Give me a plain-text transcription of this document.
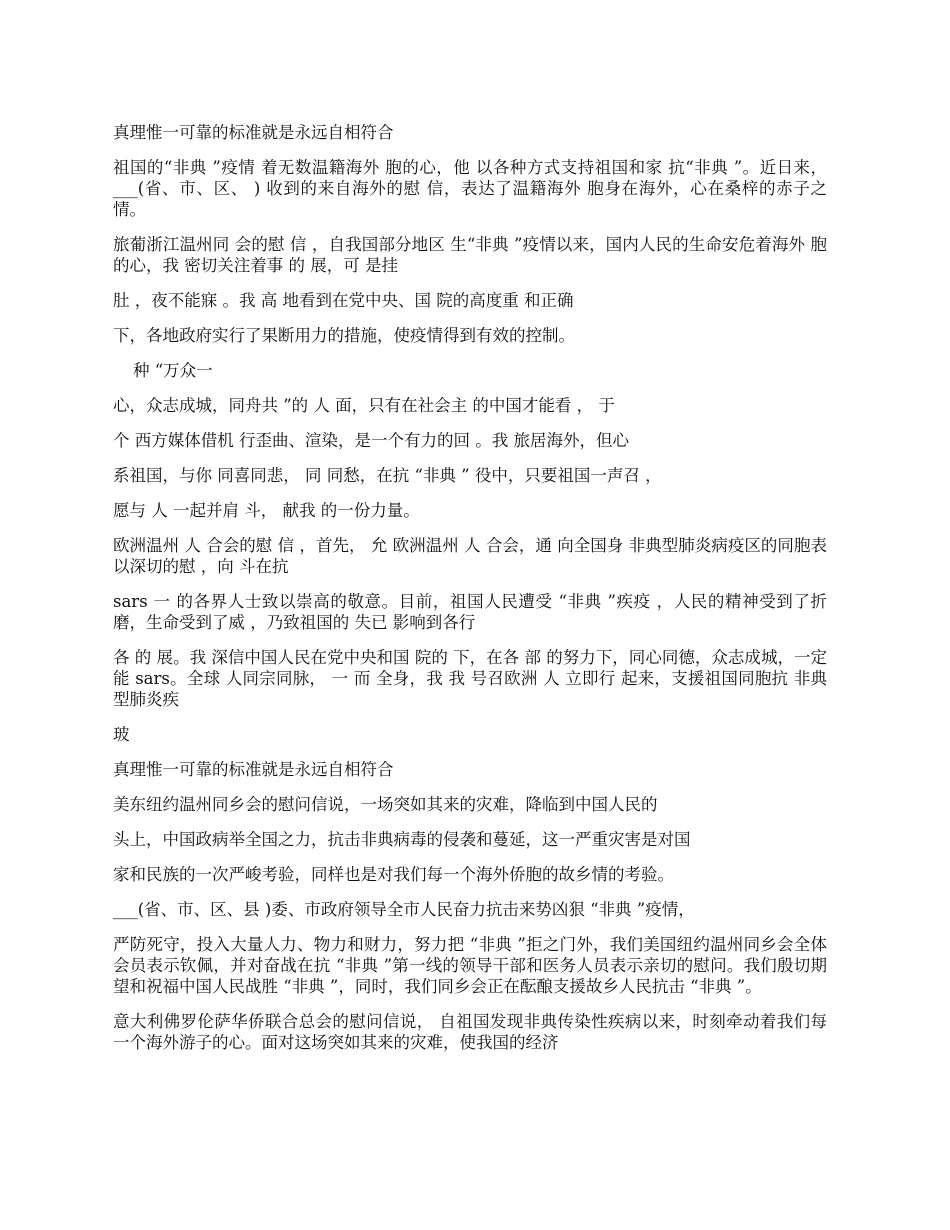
真理惟一可靠的标准就是永远自相符合

祖国的“非典 ”疫情 着无数温籍海外 胞的心，他 以各种方式支持祖国和家 抗“非典 ”。近日来， ___(省、市、区、 ) 收到的来自海外的慰 信，表达了温籍海外 胞身在海外，心在桑梓的赤子之情。

旅葡浙江温州同 会的慰 信 ，自我国部分地区 生“非典 ”疫情以来，国内人民的生命安危着海外 胞的心，我 密切关注着事 的 展，可 是挂

肚 ，夜不能寐 。我 高 地看到在党中央、国 院的高度重 和正确

下，各地政府实行了果断用力的措施，使疫情得到有效的控制。

种 “万众一

心，众志成城，同舟共 ”的 人 面，只有在社会主 的中国才能看 ， 于

个 西方媒体借机 行歪曲、渲染，是一个有力的回 。我 旅居海外，但心

系祖国，与你 同喜同悲， 同 同愁，在抗 “非典 ” 役中，只要祖国一声召 ，

愿与 人 一起并肩 斗， 献我 的一份力量。

欧洲温州 人 合会的慰 信 ，首先， 允 欧洲温州 人 合会，通 向全国身 非典型肺炎病疫区的同胞表以深切的慰 ，向 斗在抗

sars 一 的各界人士致以崇高的敬意。目前，祖国人民遭受 “非典 ”疾疫 ，人民的精神受到了折磨，生命受到了威 ，乃致祖国的 失已 影响到各行

各 的 展。我 深信中国人民在党中央和国 院的 下，在各 部 的努力下，同心同德，众志成城，一定能 sars。全球 人同宗同脉， 一 而 全身，我 我 号召欧洲 人 立即行 起来，支援祖国同胞抗 非典型肺炎疾

玻

真理惟一可靠的标准就是永远自相符合

美东纽约温州同乡会的慰问信说，一场突如其来的灾难，降临到中国人民的

头上，中国政病举全国之力，抗击非典病毒的侵袭和蔓延，这一严重灾害是对国

家和民族的一次严峻考验，同样也是对我们每一个海外侨胞的故乡情的考验。

___(省、市、区、县 )委、市政府领导全市人民奋力抗击来势凶狠 “非典 ”疫情，

严防死守，投入大量人力、物力和财力，努力把 “非典 ”拒之门外，我们美国纽约温州同乡会全体会员表示钦佩，并对奋战在抗 “非典 ”第一线的领导干部和医务人员表示亲切的慰问。我们殷切期望和祝福中国人民战胜 “非典 ”，同时，我们同乡会正在酝酿支援故乡人民抗击 “非典 ”。

意大利佛罗伦萨华侨联合总会的慰问信说， 自祖国发现非典传染性疾病以来，时刻牵动着我们每一个海外游子的心。面对这场突如其来的灾难，使我国的经济
